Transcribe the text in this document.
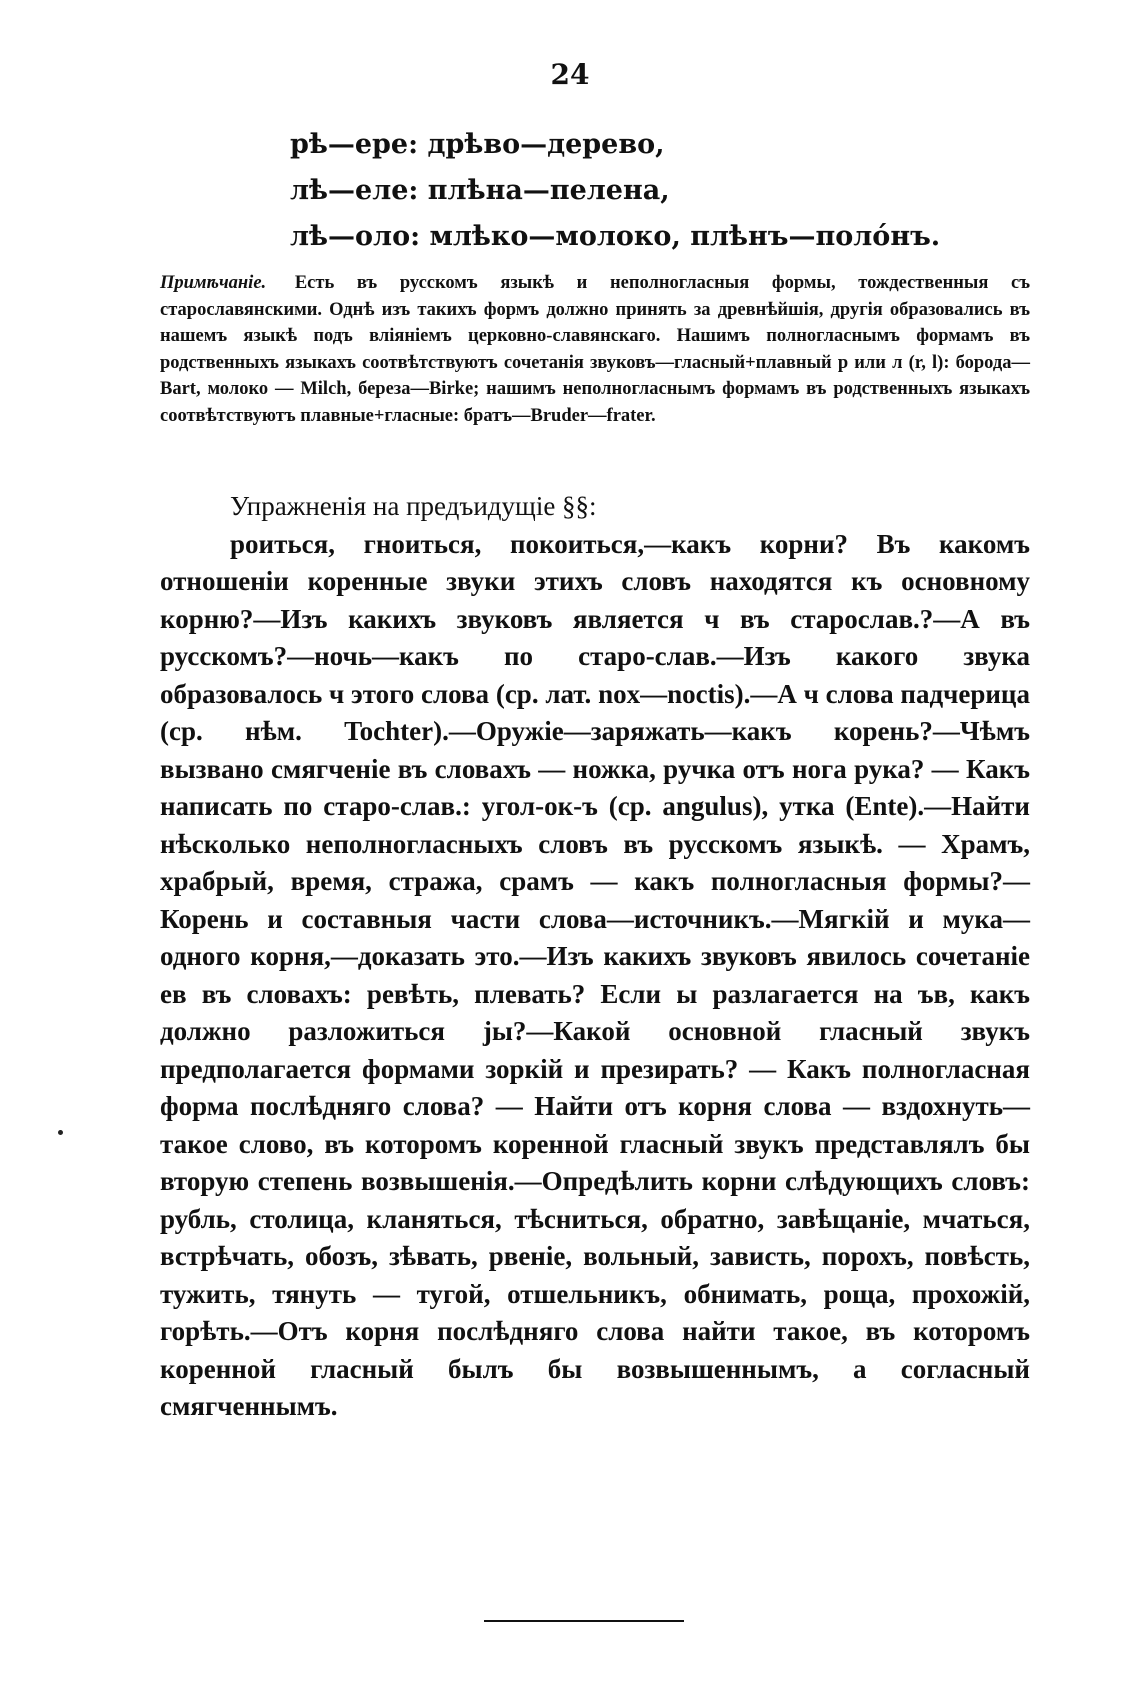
24
рѣ—ере: дрѣво—дерево,
лѣ—еле: плѣна—пелена,
лѣ—оло: млѣко—молоко, плѣнъ—поло́нъ.
Примѣчаніе. Есть въ русскомъ языкѣ и неполногласныя формы, тождественныя съ старославянскими. Однѣ изъ такихъ формъ должно принять за древнѣйшія, другія образовались въ нашемъ языкѣ подъ вліяніемъ церковно-славянскаго. Нашимъ полногласнымъ формамъ въ родственныхъ языкахъ соотвѣтствуютъ сочетанія звуковъ—гласный+плавный р или л (r, l): борода—Bart, молоко — Milch, береза—Birke; нашимъ неполногласнымъ формамъ въ родственныхъ языкахъ соотвѣтствуютъ плавные+гласные: братъ—Bruder—frater.
Упражненія на предъидущіе §§:
роиться, гноиться, покоиться,—какъ корни? Въ какомъ отношеніи коренные звуки этихъ словъ находятся къ основному корню?—Изъ какихъ звуковъ является ч въ старослав.?—А въ русскомъ?—ночь—какъ по старо-слав.—Изъ какого звука образовалось ч этого слова (ср. лат. nox—noctis).—А ч слова падчерица (ср. нѣм. Tochter).—Оружіе—заряжать—какъ корень?—Чѣмъ вызвано смягченіе въ словахъ — ножка, ручка отъ нога рука? — Какъ написать по старо-слав.: угол-ок-ъ (ср. angulus), утка (Ente).—Найти нѣсколько неполногласныхъ словъ въ русскомъ языкѣ. — Храмъ, храбрый, время, стража, срамъ — какъ полногласныя формы?—Корень и составныя части слова—источникъ.—Мягкій и мука—одного корня,—доказать это.—Изъ какихъ звуковъ явилось сочетаніе ев въ словахъ: ревѣть, плевать? Если ы разлагается на ъв, какъ должно разложиться jы?—Какой основной гласный звукъ предполагается формами зоркій и презирать? — Какъ полногласная форма послѣдняго слова? — Найти отъ корня слова — вздохнуть—такое слово, въ которомъ коренной гласный звукъ представлялъ бы вторую степень возвышенія.—Опредѣлить корни слѣдующихъ словъ: рубль, столица, кланяться, тѣсниться, обратно, завѣщаніе, мчаться, встрѣчать, обозъ, зѣвать, рвеніе, вольный, зависть, порохъ, повѣсть, тужить, тянуть — тугой, отшельникъ, обнимать, роща, прохожій, горѣть.—Отъ корня послѣдняго слова найти такое, въ которомъ коренной гласный былъ бы возвышеннымъ, а согласный смягченнымъ.
